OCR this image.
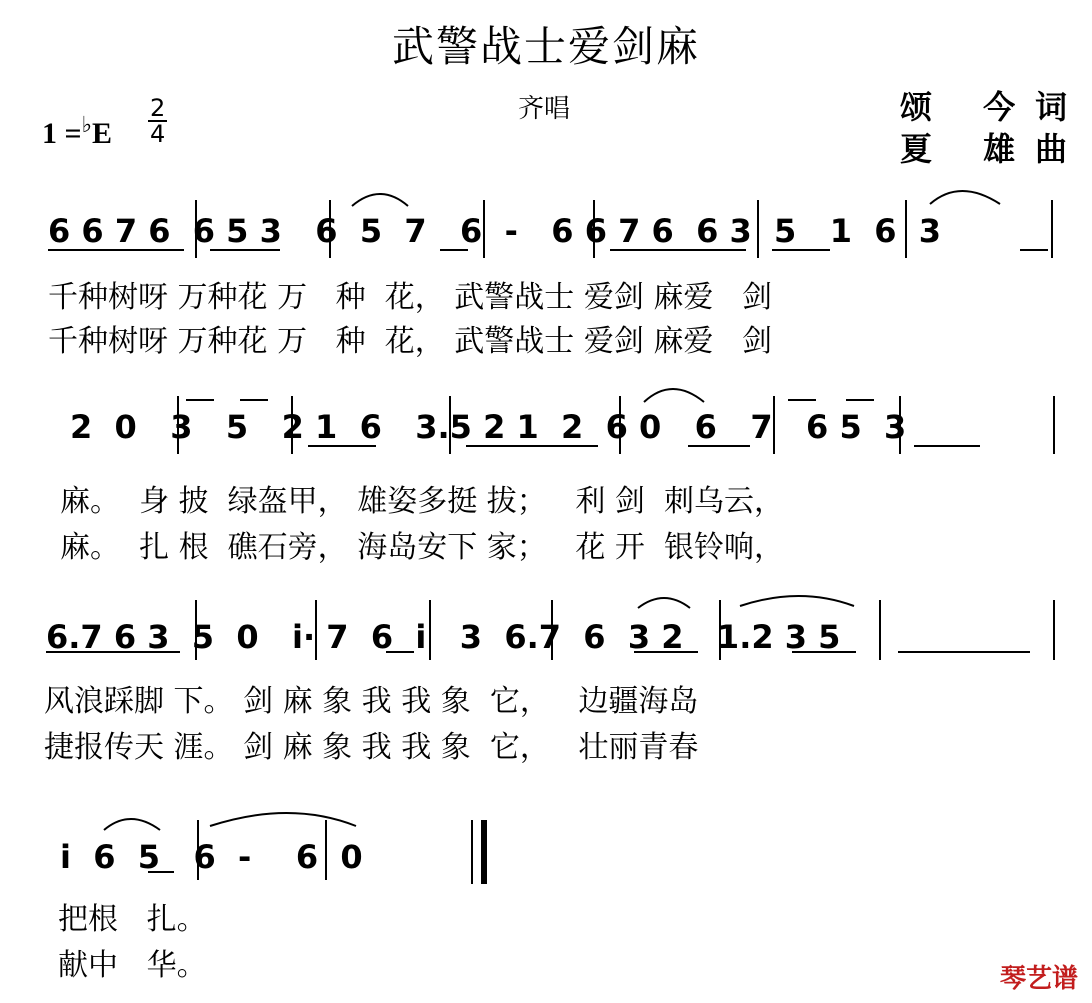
武警战士爱剑麻
齐唱	颂 今词
夏 雄曲
$1 =^♭E \frac{2}{4}$
6 6 7 6  6 5 3   6  5  7   6  -   6 6 7 6  6 3  5   1  6  3
千种树呀 万种花 万   种  花， 武警战士 爱剑 麻爱   剑
千种树呀 万种花 万   种  花， 武警战士 爱剑 麻爱   剑
2  0   3   5   2 1  6   3.5 2 1  2  6 0   6   7   6 5  3
麻。  身 披  绿盔甲， 雄姿多挺 拔；   利 剑  刺乌云，
麻。  扎 根  礁石旁， 海岛安下 家；   花 开  银铃响，
6.7 6 3  5  0   i· 7  6  i   3  6.7  6  3 2   1.2 3 5
风浪踩脚 下。 剑 麻 象 我 我 象  它，   边疆海岛
捷报传天 涯。 剑 麻 象 我 我 象  它，   壮丽青春
i  6  5   6  -    6  0
把根   扎。
献中   华。	琴艺谱
